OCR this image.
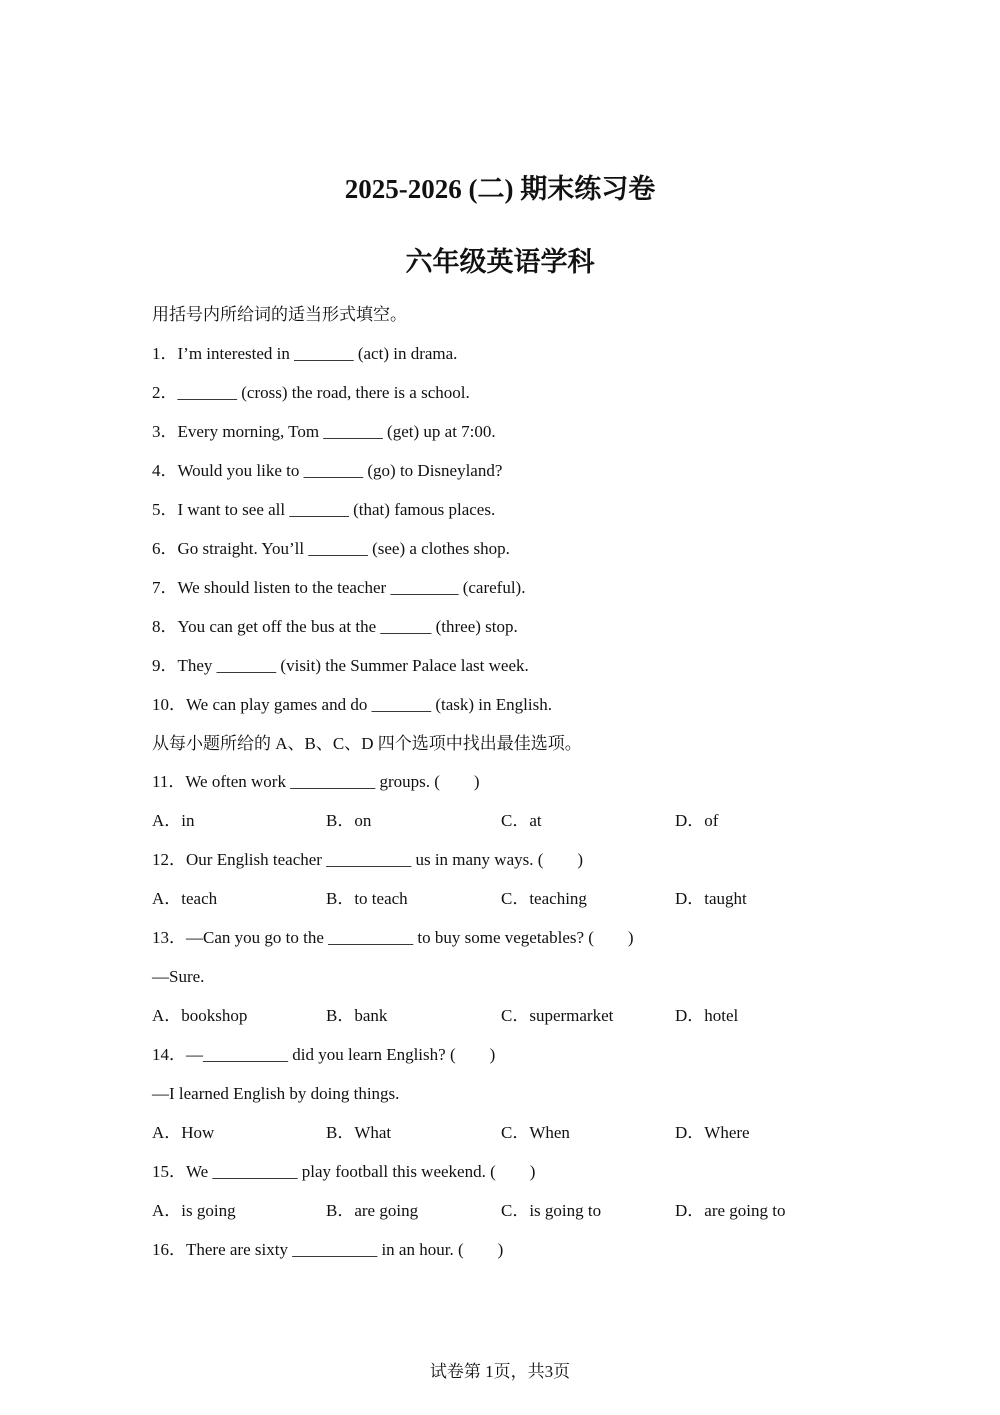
2025-2026 (二) 期末练习卷
六年级英语学科
用括号内所给词的适当形式填空。
1．I’m interested in _______ (act) in drama.
2．_______ (cross) the road, there is a school.
3．Every morning, Tom _______ (get) up at 7:00.
4．Would you like to _______ (go) to Disneyland?
5．I want to see all _______ (that) famous places.
6．Go straight. You’ll _______ (see) a clothes shop.
7．We should listen to the teacher ________ (careful).
8．You can get off the bus at the ______ (three) stop.
9．They _______ (visit) the Summer Palace last week.
10．We can play games and do _______ (task) in English.
从每小题所给的 A、B、C、D 四个选项中找出最佳选项。
11．We often work __________ groups. (　　)
A．in	B．on	C．at	D．of
12．Our English teacher __________ us in many ways. (　　)
A．teach	B．to teach	C．teaching	D．taught
13．—Can you go to the __________ to buy some vegetables? (　　)
—Sure.
A．bookshop	B．bank	C．supermarket	D．hotel
14．—__________ did you learn English? (　　)
—I learned English by doing things.
A．How	B．What	C．When	D．Where
15．We __________ play football this weekend. (　　)
A．is going	B．are going	C．is going to	D．are going to
16．There are sixty __________ in an hour. (　　)
试卷第 1页，共3页
